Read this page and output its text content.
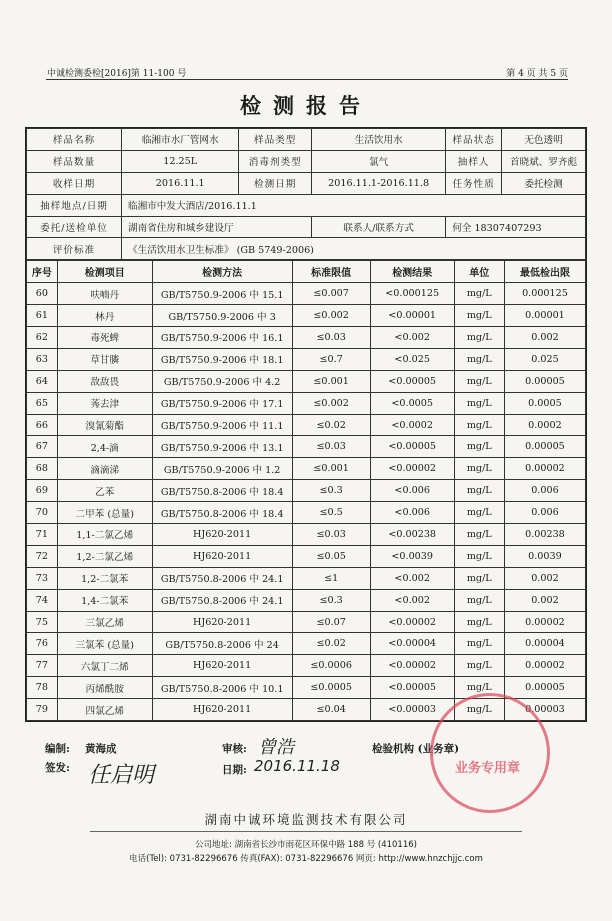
中诚检测委检[2016]第 11-100 号	第 4 页 共 5 页
检测报告
样品名称	临湘市水厂管网水	样品类型	生活饮用水	样品状态	无色透明
样品数量	12.25L	消毒剂类型	氯气	抽样人	首晓斌、罗齐彪
收样日期	2016.11.1	检测日期	2016.11.1-2016.11.8	任务性质	委托检测
抽样地点/日期	临湘市中发大酒店/2016.11.1				
委托/送检单位	湖南省住房和城乡建设厅		联系人/联系方式	何全 18307407293	
评价标准	《生活饮用水卫生标准》 (GB 5749-2006)				
序号	检测项目	检测方法	标准限值	检测结果	单位	最低检出限
60	呋喃丹	GB/T5750.9-2006 中 15.1	≤0.007	<0.000125	mg/L	0.000125
61	林丹	GB/T5750.9-2006 中 3	≤0.002	<0.00001	mg/L	0.00001
62	毒死蜱	GB/T5750.9-2006 中 16.1	≤0.03	<0.002	mg/L	0.002
63	草甘膦	GB/T5750.9-2006 中 18.1	≤0.7	<0.025	mg/L	0.025
64	敌敌畏	GB/T5750.9-2006 中 4.2	≤0.001	<0.00005	mg/L	0.00005
65	莠去津	GB/T5750.9-2006 中 17.1	≤0.002	<0.0005	mg/L	0.0005
66	溴氰菊酯	GB/T5750.9-2006 中 11.1	≤0.02	<0.0002	mg/L	0.0002
67	2,4-滴	GB/T5750.9-2006 中 13.1	≤0.03	<0.00005	mg/L	0.00005
68	滴滴涕	GB/T5750.9-2006 中 1.2	≤0.001	<0.00002	mg/L	0.00002
69	乙苯	GB/T5750.8-2006 中 18.4	≤0.3	<0.006	mg/L	0.006
70	二甲苯 (总量)	GB/T5750.8-2006 中 18.4	≤0.5	<0.006	mg/L	0.006
71	1,1-二氯乙烯	HJ620-2011	≤0.03	<0.00238	mg/L	0.00238
72	1,2-二氯乙烯	HJ620-2011	≤0.05	<0.0039	mg/L	0.0039
73	1,2-二氯苯	GB/T5750.8-2006 中 24.1	≤1	<0.002	mg/L	0.002
74	1,4-二氯苯	GB/T5750.8-2006 中 24.1	≤0.3	<0.002	mg/L	0.002
75	三氯乙烯	HJ620-2011	≤0.07	<0.00002	mg/L	0.00002
76	三氯苯 (总量)	GB/T5750.8-2006 中 24	≤0.02	<0.00004	mg/L	0.00004
77	六氯丁二烯	HJ620-2011	≤0.0006	<0.00002	mg/L	0.00002
78	丙烯酰胺	GB/T5750.8-2006 中 10.1	≤0.0005	<0.00005	mg/L	0.00005
79	四氯乙烯	HJ620-2011	≤0.04	<0.00003	mg/L	0.00003
编制: 黄海成
签发: 任启明
审核: 曾浩
日期: 2016.11.18
检验机构 (业务章)
业务专用章
湖南中诚环境监测技术有限公司
公司地址: 湖南省长沙市雨花区环保中路 188 号 (410116)
电话(Tel): 0731-82296676 传真(FAX): 0731-82296676 网页: http://www.hnzchjjc.com
